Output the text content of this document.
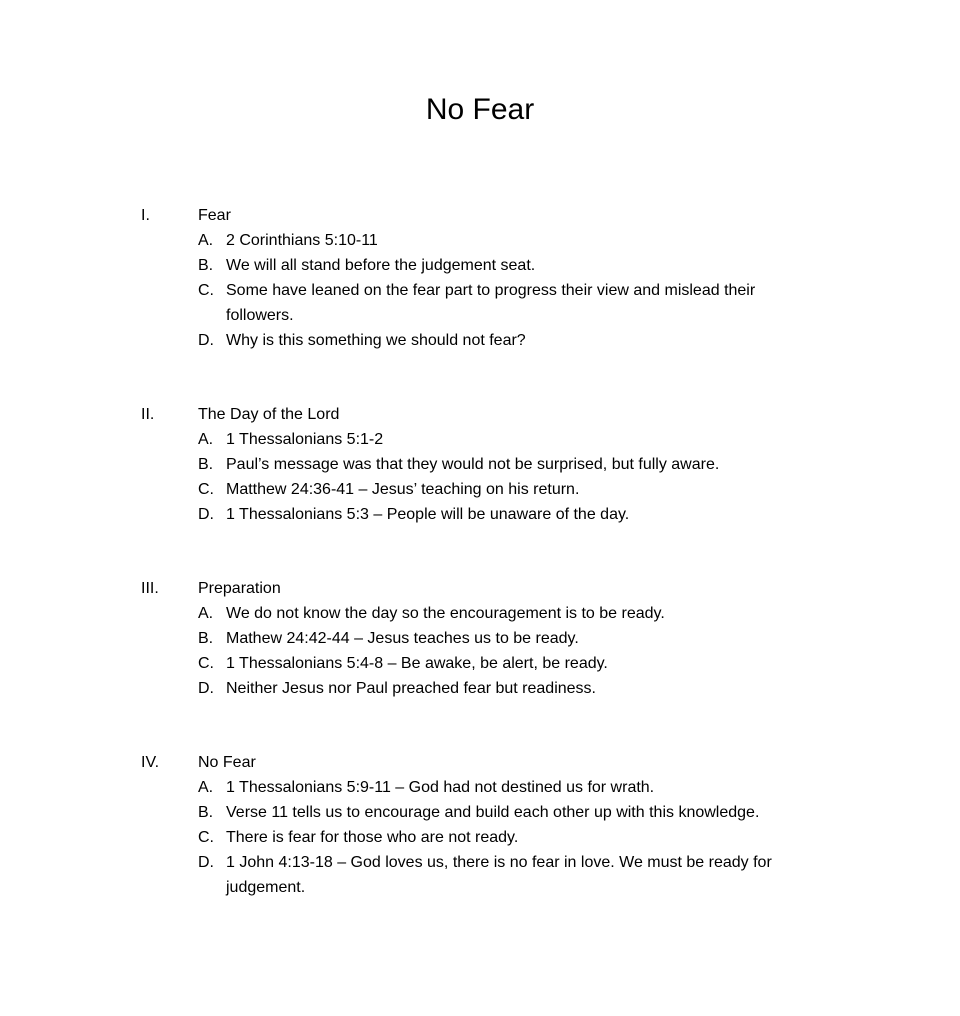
No Fear
I.	Fear
A. 2 Corinthians 5:10-11
B. We will all stand before the judgement seat.
C. Some have leaned on the fear part to progress their view and mislead their followers.
D. Why is this something we should not fear?
II.	The Day of the Lord
A. 1 Thessalonians 5:1-2
B. Paul’s message was that they would not be surprised, but fully aware.
C. Matthew 24:36-41 – Jesus’ teaching on his return.
D. 1 Thessalonians 5:3 – People will be unaware of the day.
III. Preparation
A. We do not know the day so the encouragement is to be ready.
B. Mathew 24:42-44 – Jesus teaches us to be ready.
C. 1 Thessalonians 5:4-8 – Be awake, be alert, be ready.
D. Neither Jesus nor Paul preached fear but readiness.
IV. No Fear
A. 1 Thessalonians 5:9-11 – God had not destined us for wrath.
B. Verse 11 tells us to encourage and build each other up with this knowledge.
C. There is fear for those who are not ready.
D. 1 John 4:13-18 – God loves us, there is no fear in love. We must be ready for judgement.
